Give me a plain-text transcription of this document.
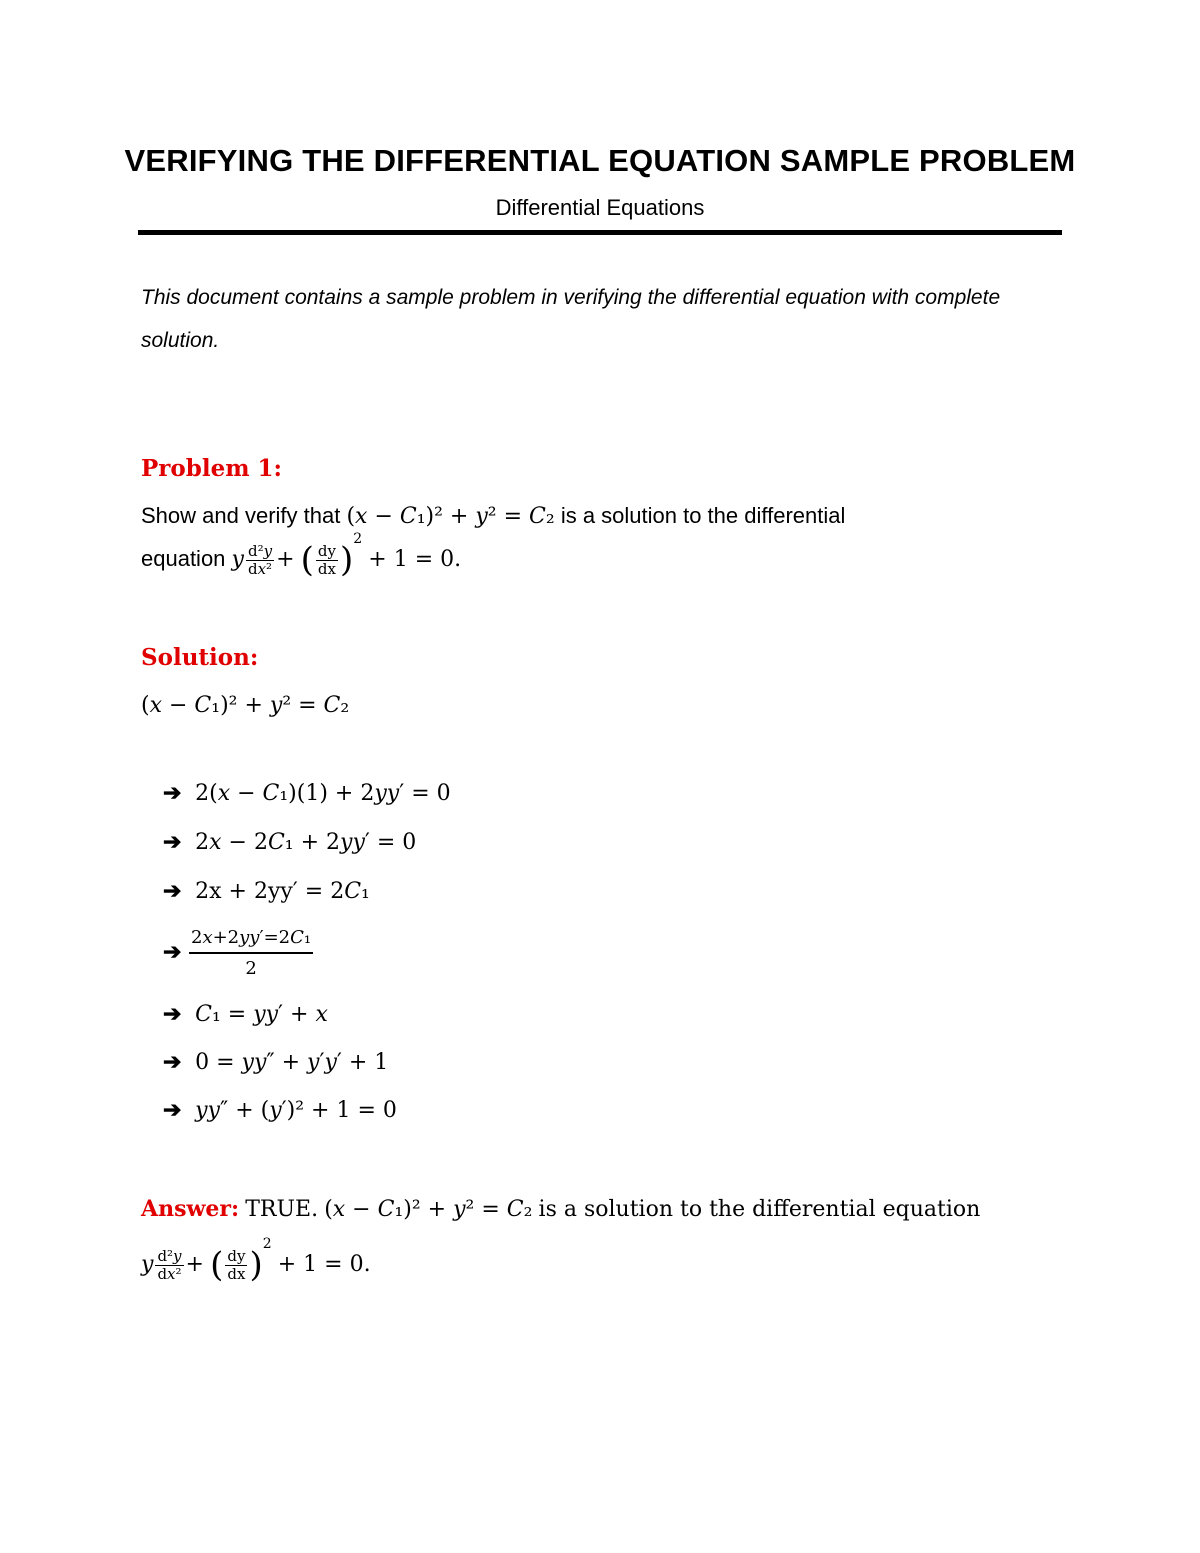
VERIFYING THE DIFFERENTIAL EQUATION SAMPLE PROBLEM
Differential Equations
This document contains a sample problem in verifying the differential equation with complete solution.
Problem 1:
Show and verify that (𝑥 − 𝐶₁)² + 𝑦² = 𝐶₂ is a solution to the differential
equation 𝑦 $\frac{\text{d²𝑦}}{\text{d𝑥²}}$ + ( $\frac{dy}{dx} )^2 + 1 = 0$.
Solution:
(𝑥 − 𝐶₁)² + 𝑦² = 𝐶₂
➔ 2(𝑥 − 𝐶₁)(1) + 2𝑦𝑦′ = 0
➔ 2𝑥 − 2𝐶₁ + 2𝑦𝑦′ = 0
➔ 2x + 2yy′ = 2𝐶₁
➔ $\frac{\text{2𝑥+2𝑦𝑦′=2𝐶₁}}{2}$
➔ 𝐶₁ = 𝑦𝑦′ + 𝑥
➔ 0 = 𝑦𝑦″ + 𝑦′𝑦′ + 1
➔ 𝑦𝑦″ + (𝑦′)² + 1 = 0
Answer: TRUE. (𝑥 − 𝐶₁)² + 𝑦² = 𝐶₂ is a solution to the differential equation
𝑦 $\frac{\text{d²𝑦}}{\text{d𝑥²}}$ + ( $\frac{dy}{dx} )^2 + 1 = 0$.
